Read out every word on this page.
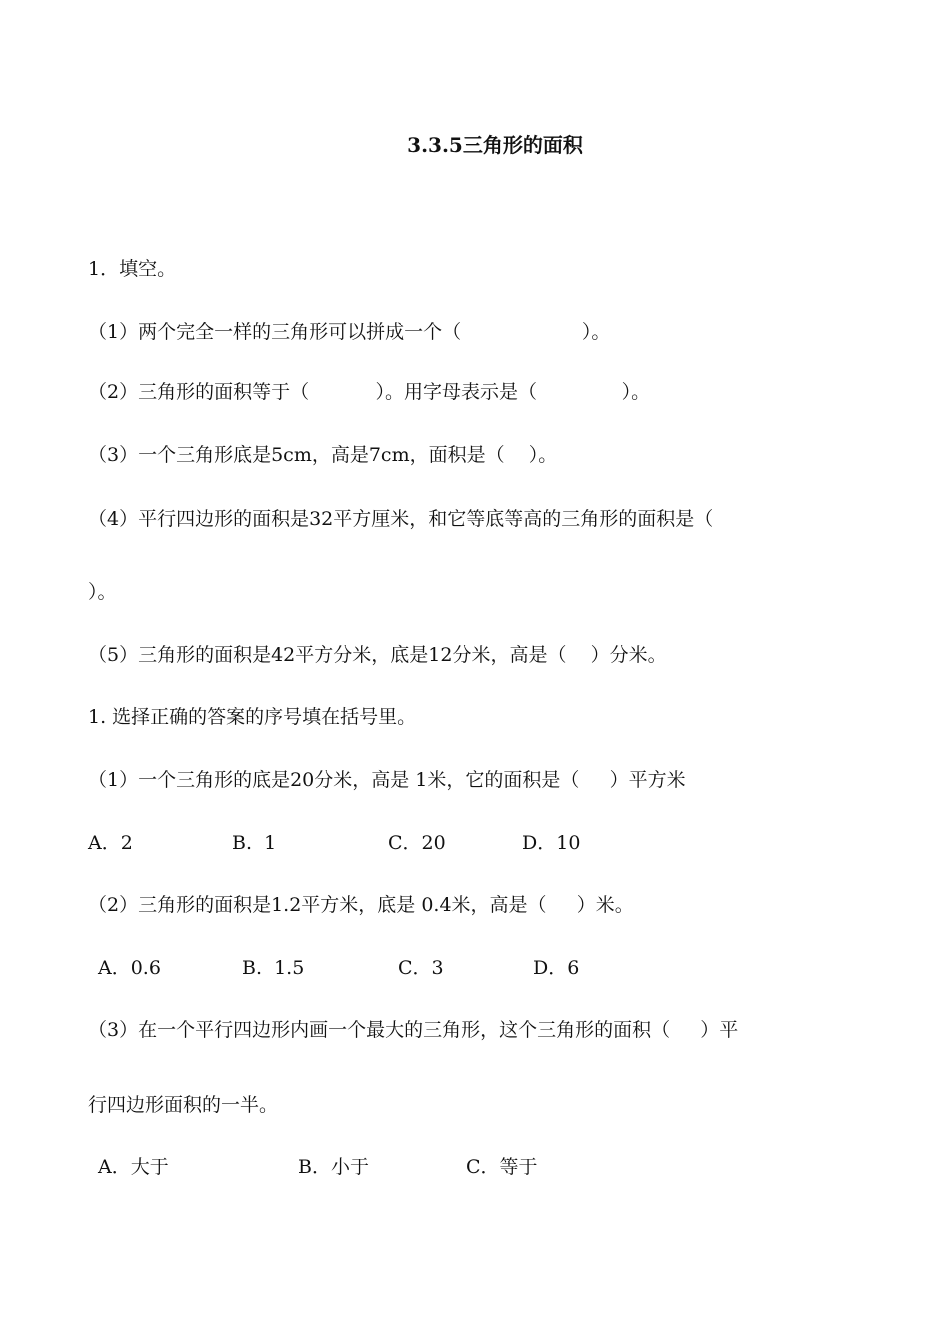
3.3.5三角形的面积
1．填空。
（1）两个完全一样的三角形可以拼成一个（                    ）。
（2）三角形的面积等于（           ）。用字母表示是（              ）。
（3）一个三角形底是5cm，高是7cm，面积是（    ）。
（4）平行四边形的面积是32平方厘米，和它等底等高的三角形的面积是（
）。
（5）三角形的面积是42平方分米，底是12分米，高是（    ）分米。
1. 选择正确的答案的序号填在括号里。
（1）一个三角形的底是20分米，高是 1米，它的面积是（     ）平方米
A．2	B.  1	C．20	D．10
（2）三角形的面积是1.2平方米，底是 0.4米，高是（     ）米。
A．0.6	B.  1.5	C．3	D．6
（3）在一个平行四边形内画一个最大的三角形，这个三角形的面积（     ）平
行四边形面积的一半。
A．大于	B．小于	C．等于
